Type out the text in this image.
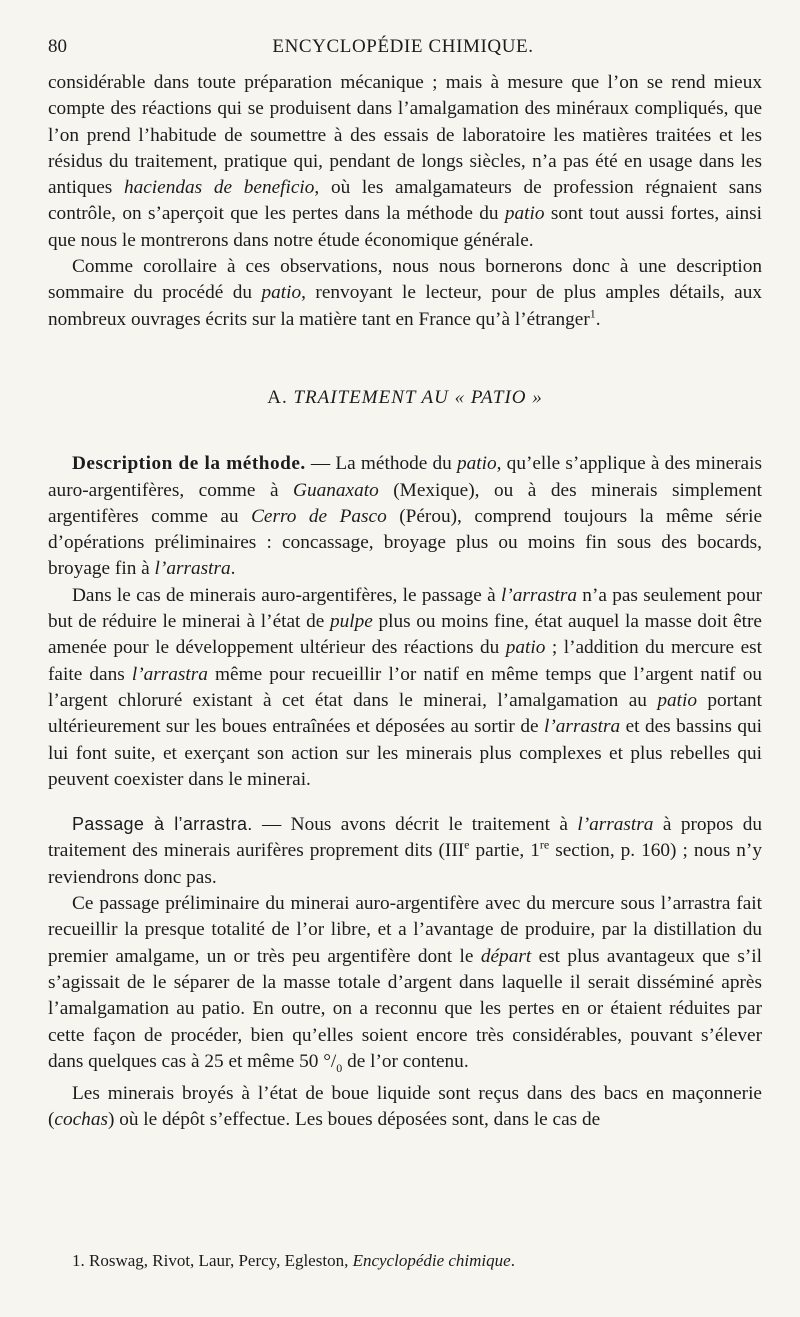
80	ENCYCLOPÉDIE CHIMIQUE.

considérable dans toute préparation mécanique ; mais à mesure que l’on se rend mieux compte des réactions qui se produisent dans l’amalgamation des minéraux compliqués, que l’on prend l’habitude de soumettre à des essais de laboratoire les matières traitées et les résidus du traitement, pratique qui, pendant de longs siècles, n’a pas été en usage dans les antiques haciendas de beneficio, où les amalgamateurs de profession régnaient sans contrôle, on s’aperçoit que les pertes dans la méthode du patio sont tout aussi fortes, ainsi que nous le montrerons dans notre étude économique générale.

Comme corollaire à ces observations, nous nous bornerons donc à une description sommaire du procédé du patio, renvoyant le lecteur, pour de plus amples détails, aux nombreux ouvrages écrits sur la matière tant en France qu’à l’étranger$^1$.

A. TRAITEMENT AU « PATIO »

Description de la méthode. — La méthode du patio, qu’elle s’applique à des minerais auro-argentifères, comme à Guanaxato (Mexique), ou à des minerais simplement argentifères comme au Cerro de Pasco (Pérou), comprend toujours la même série d’opérations préliminaires : concassage, broyage plus ou moins fin sous des bocards, broyage fin à l’arrastra.

Dans le cas de minerais auro-argentifères, le passage à l’arrastra n’a pas seulement pour but de réduire le minerai à l’état de pulpe plus ou moins fine, état auquel la masse doit être amenée pour le développement ultérieur des réactions du patio ; l’addition du mercure est faite dans l’arrastra même pour recueillir l’or natif en même temps que l’argent natif ou l’argent chloruré existant à cet état dans le minerai, l’amalgamation au patio portant ultérieurement sur les boues entraînées et déposées au sortir de l’arrastra et des bassins qui lui font suite, et exerçant son action sur les minerais plus complexes et plus rebelles qui peuvent coexister dans le minerai.

Passage à l’arrastra. — Nous avons décrit le traitement à l’arrastra à propos du traitement des minerais aurifères proprement dits (IIIe partie, 1re section, p. 160) ; nous n’y reviendrons donc pas.

Ce passage préliminaire du minerai auro-argentifère avec du mercure sous l’arrastra fait recueillir la presque totalité de l’or libre, et a l’avantage de produire, par la distillation du premier amalgame, un or très peu argentifère dont le départ est plus avantageux que s’il s’agissait de le séparer de la masse totale d’argent dans laquelle il serait disséminé après l’amalgamation au patio. En outre, on a reconnu que les pertes en or étaient réduites par cette façon de procéder, bien qu’elles soient encore très considérables, pouvant s’élever dans quelques cas à 25 et même 50 $^\circ/_0$ de l’or contenu.

Les minerais broyés à l’état de boue liquide sont reçus dans des bacs en maçonnerie (cochas) où le dépôt s’effectue. Les boues déposées sont, dans le cas de

1. Roswag, Rivot, Laur, Percy, Egleston, Encyclopédie chimique.
